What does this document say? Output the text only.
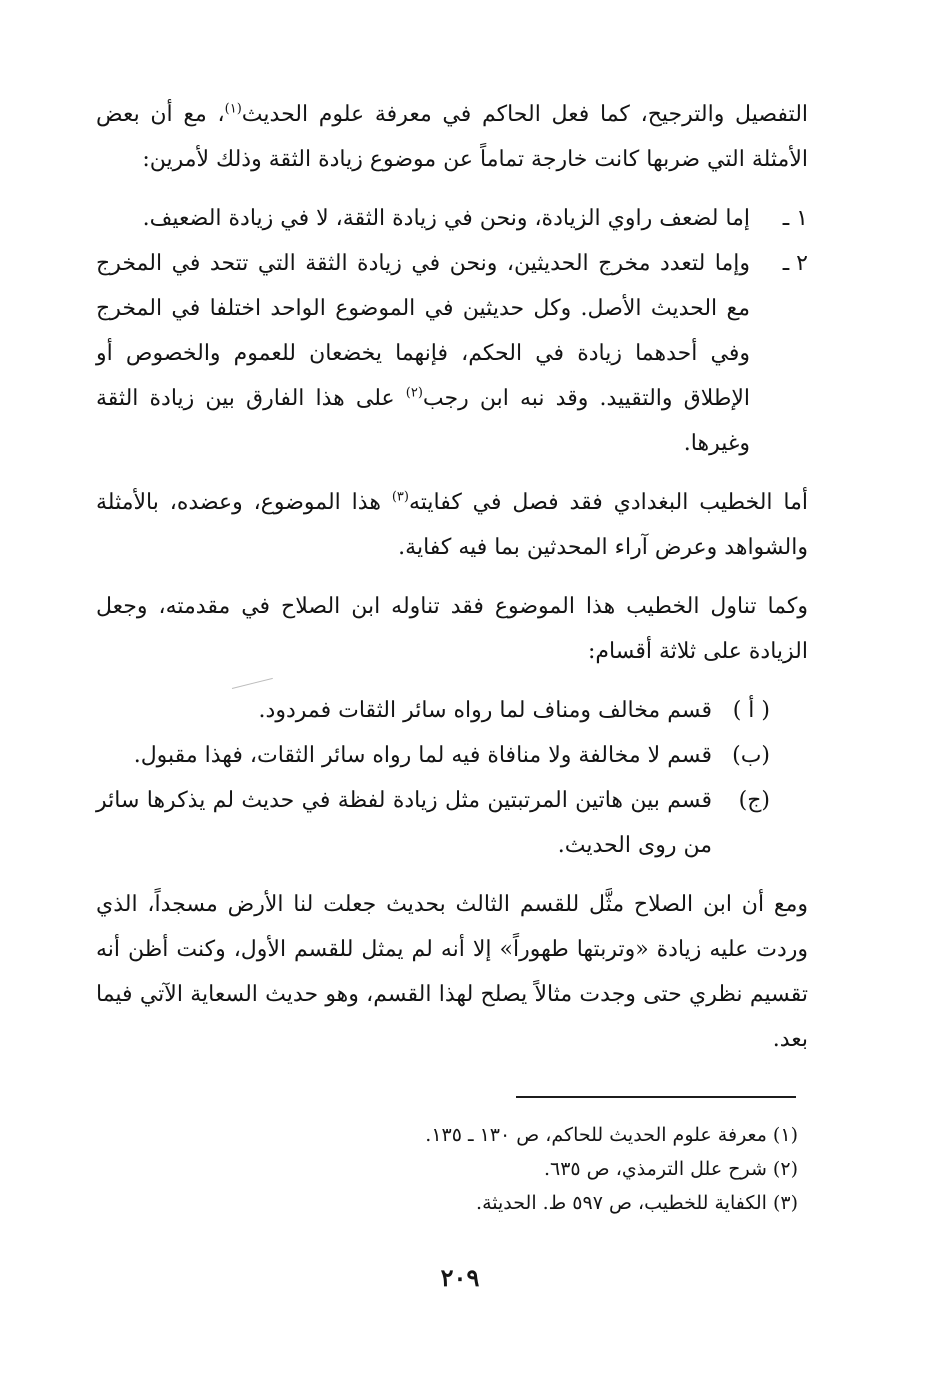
التفصيل والترجيح، كما فعل الحاكم في معرفة علوم الحديث$^{(١)}$، مع أن بعض الأمثلة التي ضربها كانت خارجة تماماً عن موضوع زيادة الثقة وذلك لأمرين:

١ ـ
إما لضعف راوي الزيادة، ونحن في زيادة الثقة، لا في زيادة الضعيف.
٢ ـ
وإما لتعدد مخرج الحديثين، ونحن في زيادة الثقة التي تتحد في المخرج مع الحديث الأصل. وكل حديثين في الموضوع الواحد اختلفا في المخرج وفي أحدهما زيادة في الحكم، فإنهما يخضعان للعموم والخصوص أو الإطلاق والتقييد. وقد نبه ابن رجب$^{(٢)}$ على هذا الفارق بين زيادة الثقة وغيرها.

أما الخطيب البغدادي فقد فصل في كفايته$^{(٣)}$ هذا الموضوع، وعضده، بالأمثلة والشواهد وعرض آراء المحدثين بما فيه كفاية.

وكما تناول الخطيب هذا الموضوع فقد تناوله ابن الصلاح في مقدمته، وجعل الزيادة على ثلاثة أقسام:

( أ )
قسم مخالف ومناف لما رواه سائر الثقات فمردود.
(ب)
قسم لا مخالفة ولا منافاة فيه لما رواه سائر الثقات، فهذا مقبول.
(ج)
قسم بين هاتين المرتبتين مثل زيادة لفظة في حديث لم يذكرها سائر من روى الحديث.

ومع أن ابن الصلاح مثَّل للقسم الثالث بحديث جعلت لنا الأرض مسجداً، الذي وردت عليه زيادة «وتربتها طهوراً» إلا أنه لم يمثل للقسم الأول، وكنت أظن أنه تقسيم نظري حتى وجدت مثالاً يصلح لهذا القسم، وهو حديث السعاية الآتي فيما بعد.

(١) معرفة علوم الحديث للحاكم، ص ١٣٠ ـ ١٣٥.

(٢) شرح علل الترمذي، ص ٦٣٥.

(٣) الكفاية للخطيب، ص ٥٩٧ ط. الحديثة.

٢٠٩
